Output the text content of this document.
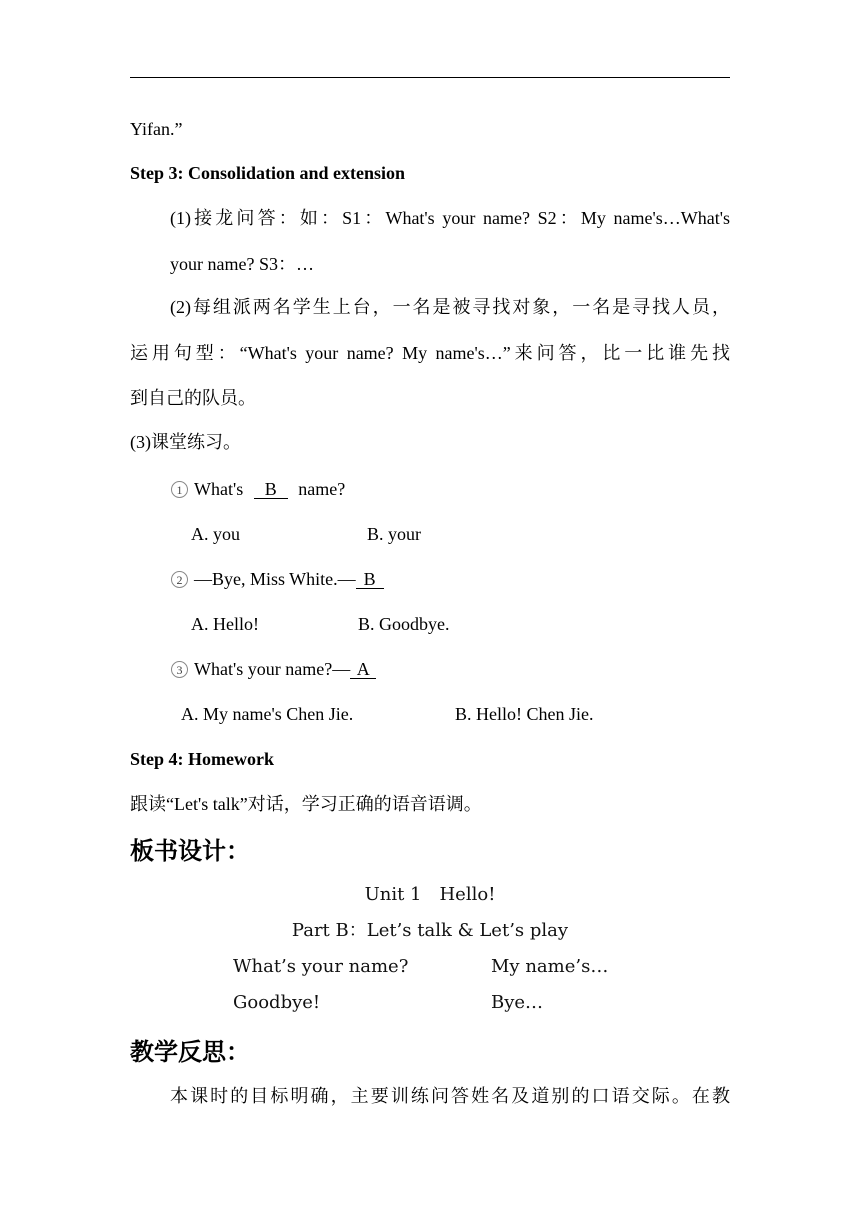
Yifan.”
Step 3: Consolidation and extension
(1)接龙问答：如：S1：What's your name? S2：My name's…What's
your name? S3：…
(2)每组派两名学生上台，一名是被寻找对象，一名是寻找人员，
运用句型：“What's your name? My name's…”来问答，比一比谁先找
到自己的队员。
(3)课堂练习。
1 What's B name?
A. you	B. your
2 —Bye, Miss White.— B
A. Hello!	B. Goodbye.
3 What's your name?— A
A. My name's Chen Jie.	B. Hello! Chen Jie.
Step 4: Homework
跟读“Let's talk”对话，学习正确的语音语调。
板书设计：
Unit 1　Hello!
Part B：Let’s talk & Let’s play
What’s your name?	My name’s…
Goodbye!	Bye…
教学反思：
本课时的目标明确，主要训练问答姓名及道别的口语交际。在教
